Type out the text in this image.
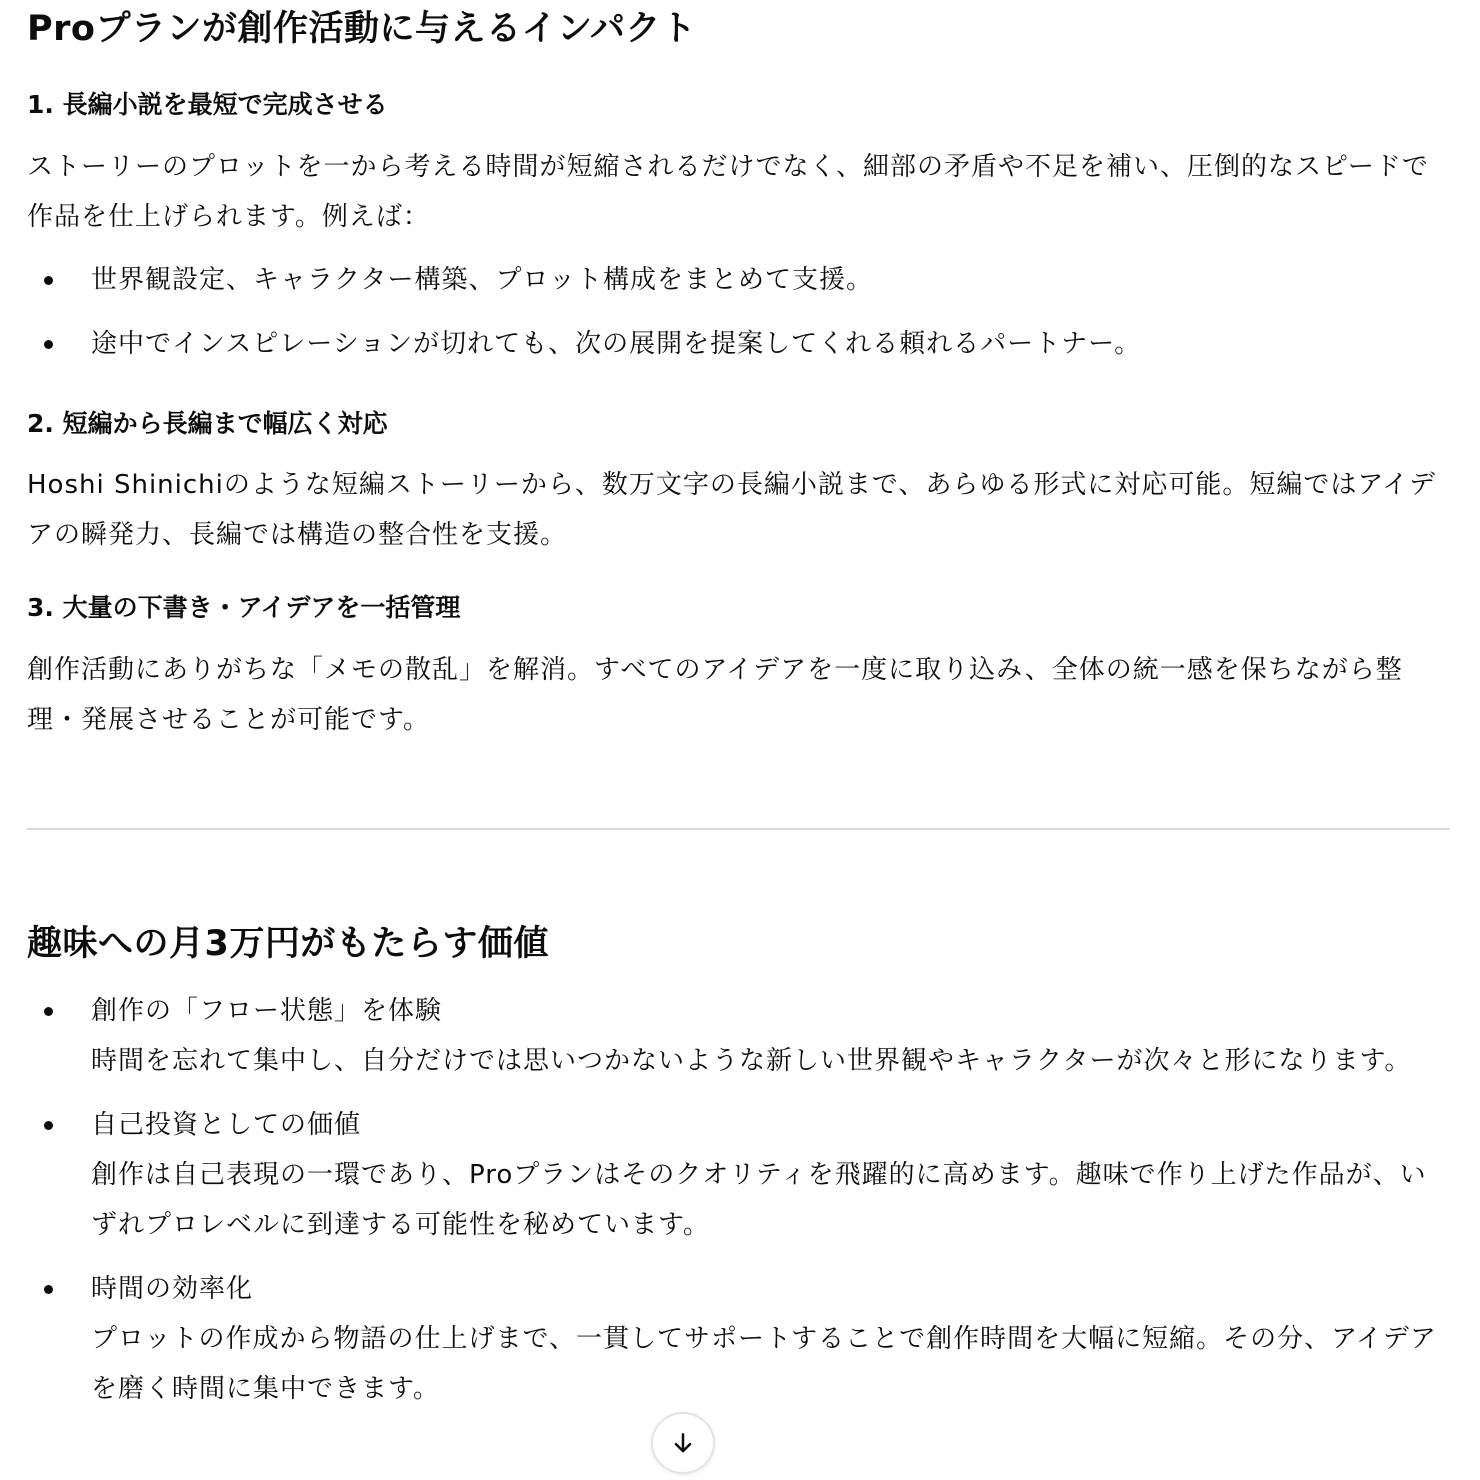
Proプランが創作活動に与えるインパクト
1. 長編小説を最短で完成させる

ストーリーのプロットを一から考える時間が短縮されるだけでなく、細部の矛盾や不足を補い、圧倒的なスピードで作品を仕上げられます。例えば：

世界観設定、キャラクター構築、プロット構成をまとめて支援。
途中でインスピレーションが切れても、次の展開を提案してくれる頼れるパートナー。
2. 短編から長編まで幅広く対応

Hoshi Shinichiのような短編ストーリーから、数万文字の長編小説まで、あらゆる形式に対応可能。短編ではアイデアの瞬発力、長編では構造の整合性を支援。

3. 大量の下書き・アイデアを一括管理

創作活動にありがちな「メモの散乱」を解消。すべてのアイデアを一度に取り込み、全体の統一感を保ちながら整理・発展させることが可能です。

趣味への月3万円がもたらす価値
創作の「フロー状態」を体験
時間を忘れて集中し、自分だけでは思いつかないような新しい世界観やキャラクターが次々と形になります。
自己投資としての価値
創作は自己表現の一環であり、Proプランはそのクオリティを飛躍的に高めます。趣味で作り上げた作品が、いずれプロレベルに到達する可能性を秘めています。
時間の効率化
プロットの作成から物語の仕上げまで、一貫してサポートすることで創作時間を大幅に短縮。その分、アイデアを磨く時間に集中できます。
